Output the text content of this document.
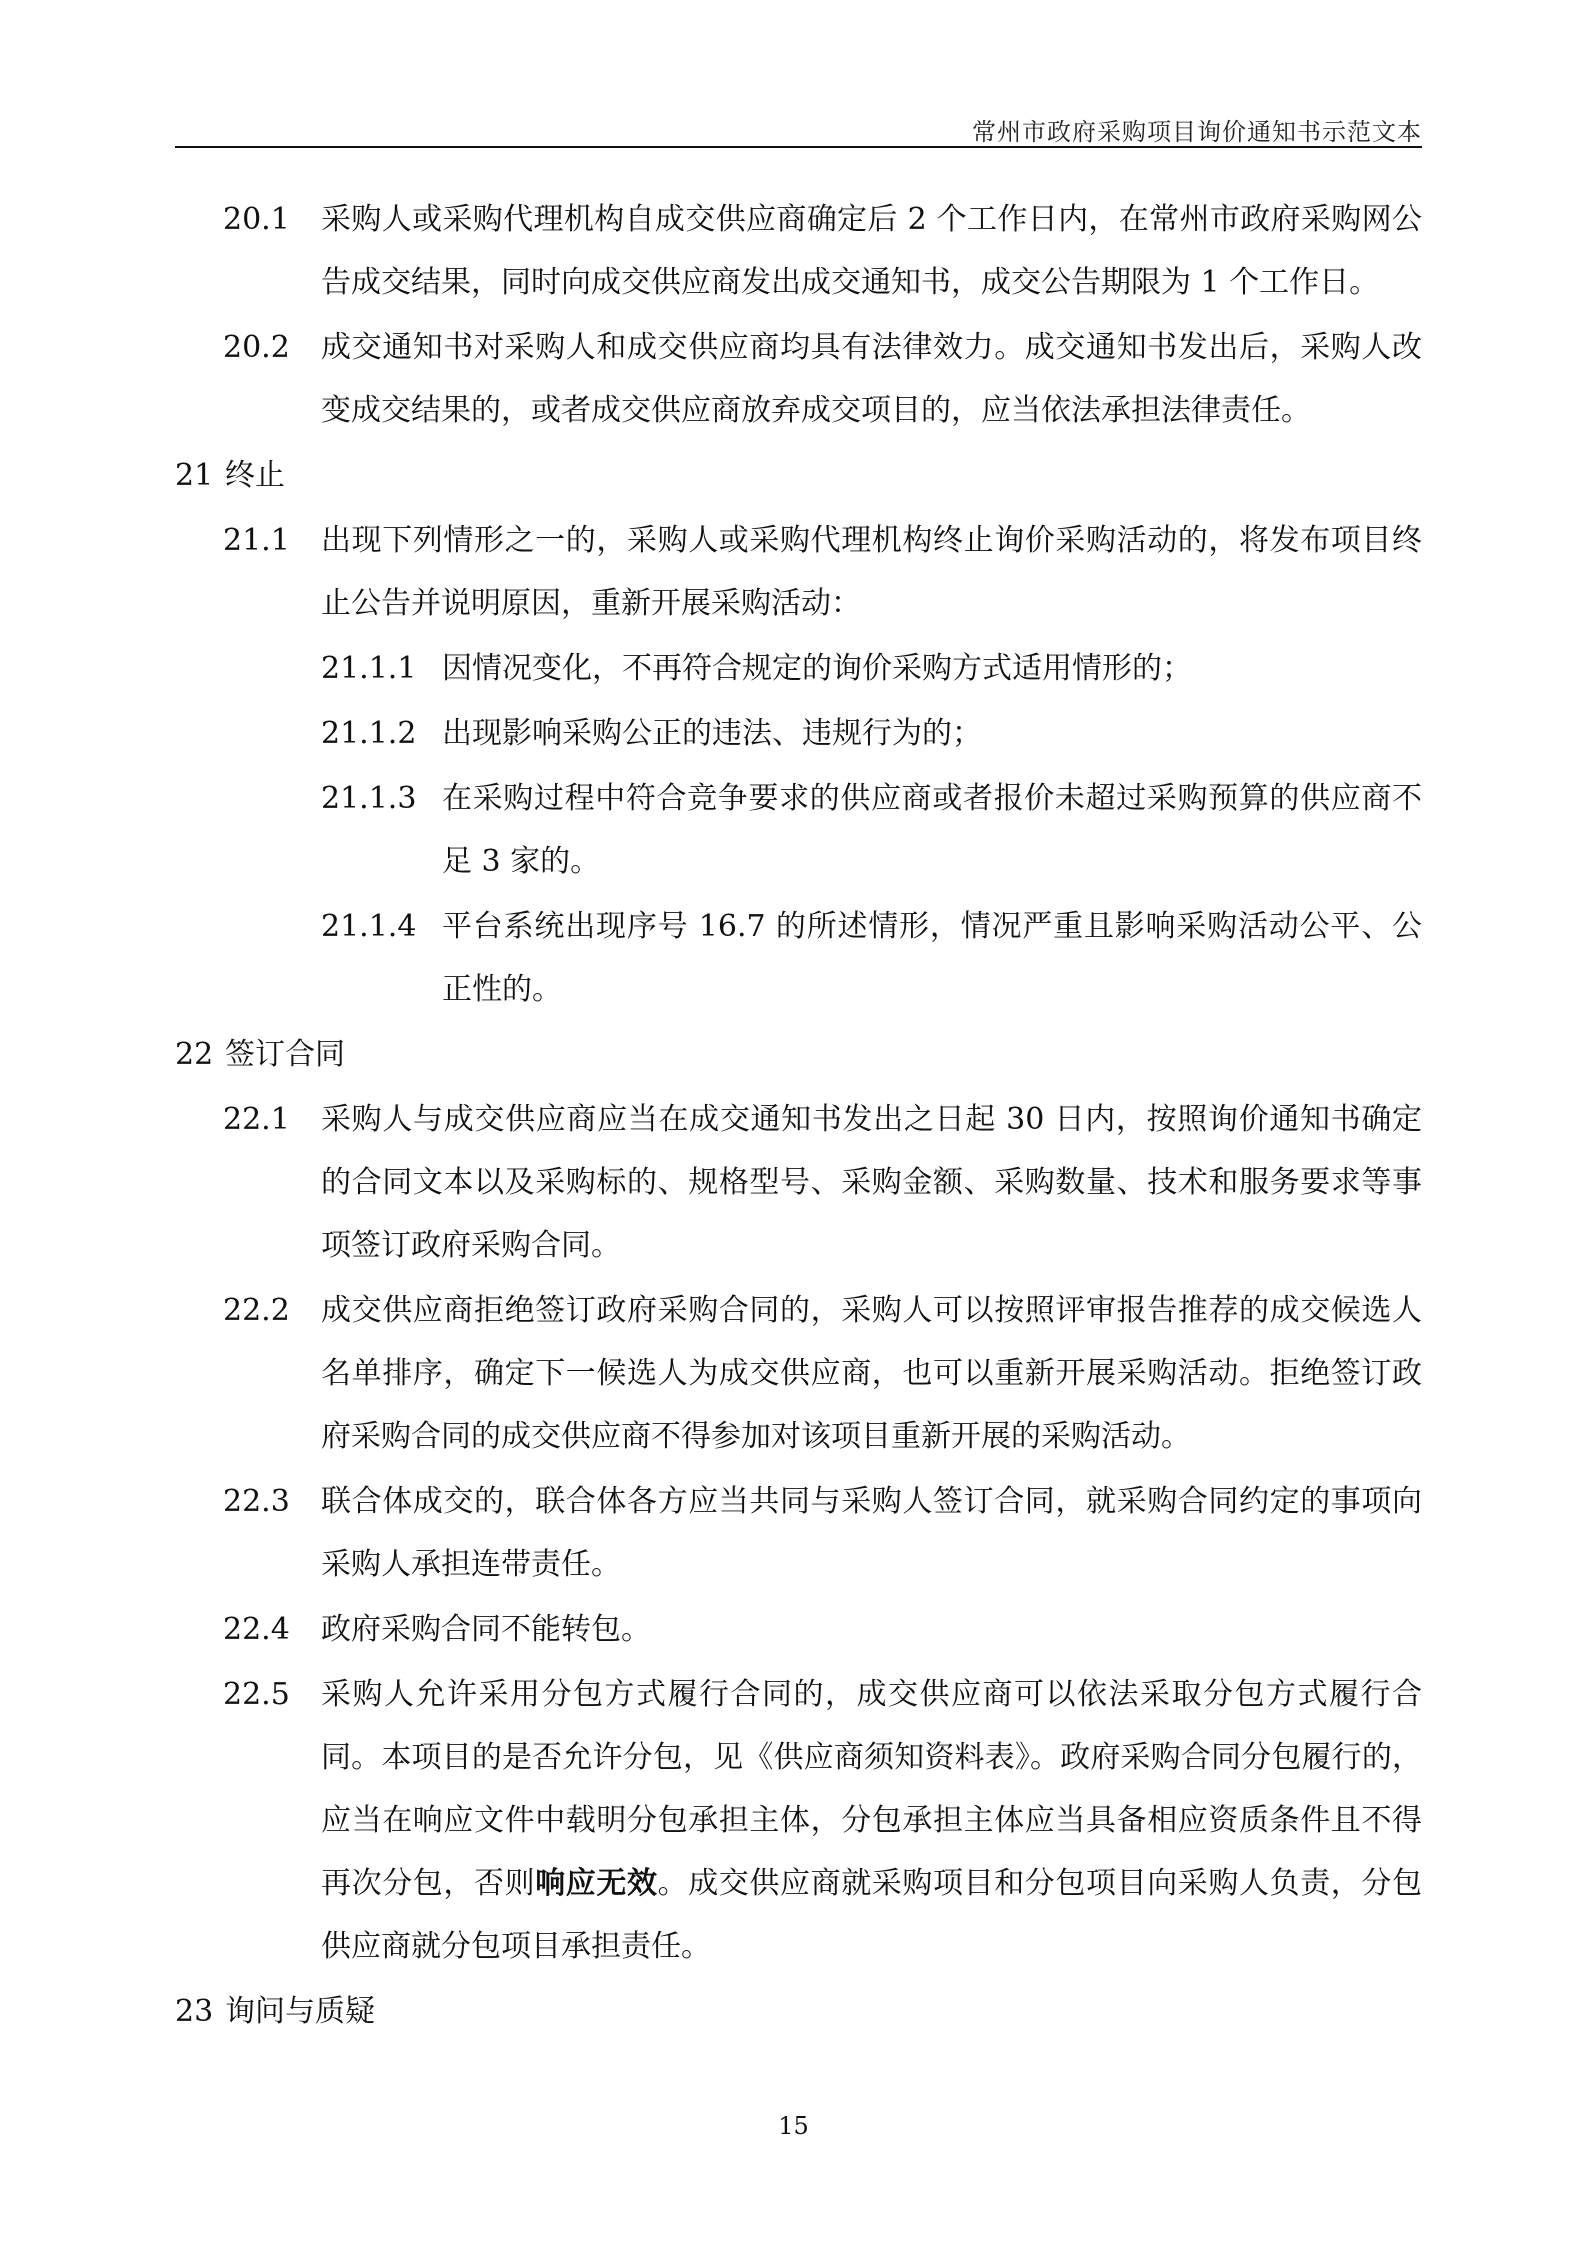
常州市政府采购项目询价通知书示范文本
20.1 采购人或采购代理机构自成交供应商确定后 2 个工作日内，在常州市政府采购网公告成交结果，同时向成交供应商发出成交通知书，成交公告期限为 1 个工作日。
20.2 成交通知书对采购人和成交供应商均具有法律效力。成交通知书发出后，采购人改变成交结果的，或者成交供应商放弃成交项目的，应当依法承担法律责任。
21 终止
21.1 出现下列情形之一的，采购人或采购代理机构终止询价采购活动的，将发布项目终止公告并说明原因，重新开展采购活动：
21.1.1 因情况变化，不再符合规定的询价采购方式适用情形的；
21.1.2 出现影响采购公正的违法、违规行为的；
21.1.3 在采购过程中符合竞争要求的供应商或者报价未超过采购预算的供应商不足 3 家的。
21.1.4 平台系统出现序号 16.7 的所述情形，情况严重且影响采购活动公平、公正性的。
22 签订合同
22.1 采购人与成交供应商应当在成交通知书发出之日起 30 日内，按照询价通知书确定的合同文本以及采购标的、规格型号、采购金额、采购数量、技术和服务要求等事项签订政府采购合同。
22.2 成交供应商拒绝签订政府采购合同的，采购人可以按照评审报告推荐的成交候选人名单排序，确定下一候选人为成交供应商，也可以重新开展采购活动。拒绝签订政府采购合同的成交供应商不得参加对该项目重新开展的采购活动。
22.3 联合体成交的，联合体各方应当共同与采购人签订合同，就采购合同约定的事项向采购人承担连带责任。
22.4 政府采购合同不能转包。
22.5 采购人允许采用分包方式履行合同的，成交供应商可以依法采取分包方式履行合同。本项目的是否允许分包，见《供应商须知资料表》。政府采购合同分包履行的，应当在响应文件中载明分包承担主体，分包承担主体应当具备相应资质条件且不得再次分包，否则响应无效。成交供应商就采购项目和分包项目向采购人负责，分包供应商就分包项目承担责任。
23 询问与质疑
15
